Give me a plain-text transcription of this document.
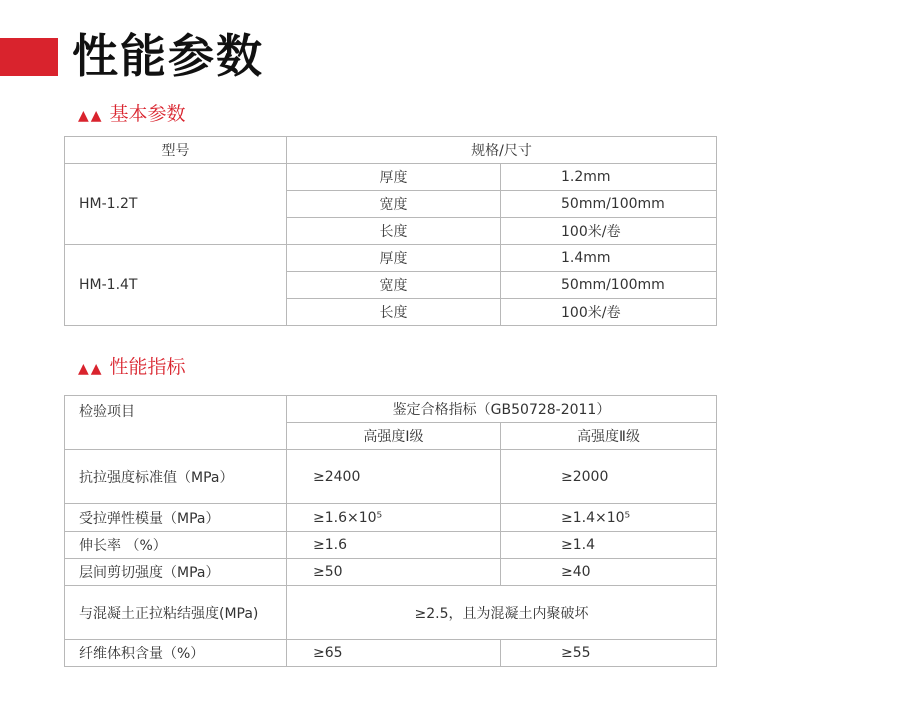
性能参数
▲▲ 基本参数
型号	规格/尺寸	
HM-1.2T	厚度	1.2mm
	宽度	50mm/100mm
	长度	100米/卷
HM-1.4T	厚度	1.4mm
	宽度	50mm/100mm
	长度	100米/卷
▲▲ 性能指标
检验项目	鉴定合格指标（GB50728-2011）	
	高强度Ⅰ级	高强度Ⅱ级
抗拉强度标准值（MPa）	≥2400	≥2000
受拉弹性模量（MPa）	≥1.6×10⁵	≥1.4×10⁵
伸长率 （%）	≥1.6	≥1.4
层间剪切强度（MPa）	≥50	≥40
与混凝土正拉粘结强度(MPa)	≥2.5，且为混凝土内聚破坏	
纤维体积含量（%）	≥65	≥55
